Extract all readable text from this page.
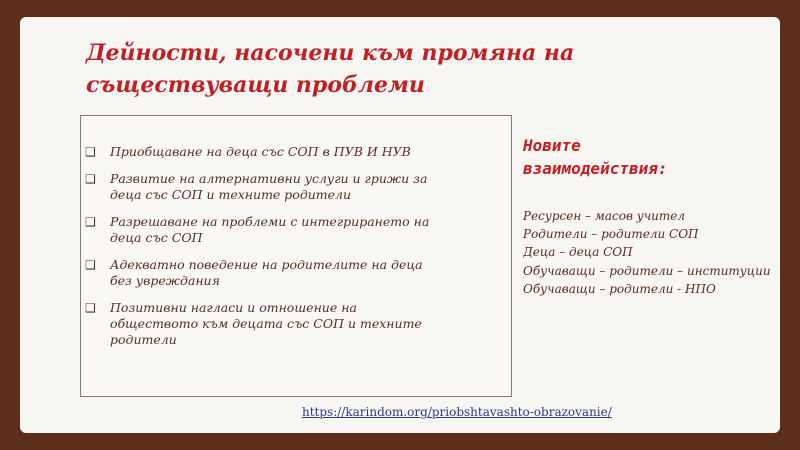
Дейности, насочени към промяна на
съществуващи проблеми
❑ Приобщаване на деца със СОП в ПУВ И НУВ
❑ Развитие на алтернативни услуги и грижи за
деца със СОП и техните родители
❑ Разрешаване на проблеми с интегрирането на
деца със СОП
❑ Адекватно поведение на родителите на деца
без увреждания
❑ Позитивни нагласи и отношение на
обществото към децата със СОП и техните
родители
Новите
взаимодействия:
Ресурсен – масов учител
Родители – родители СОП
Деца – деца СОП
Обучаващи – родители – институции
Обучаващи – родители - НПО
https://karindom.org/priobshtavashto-obrazovanie/
